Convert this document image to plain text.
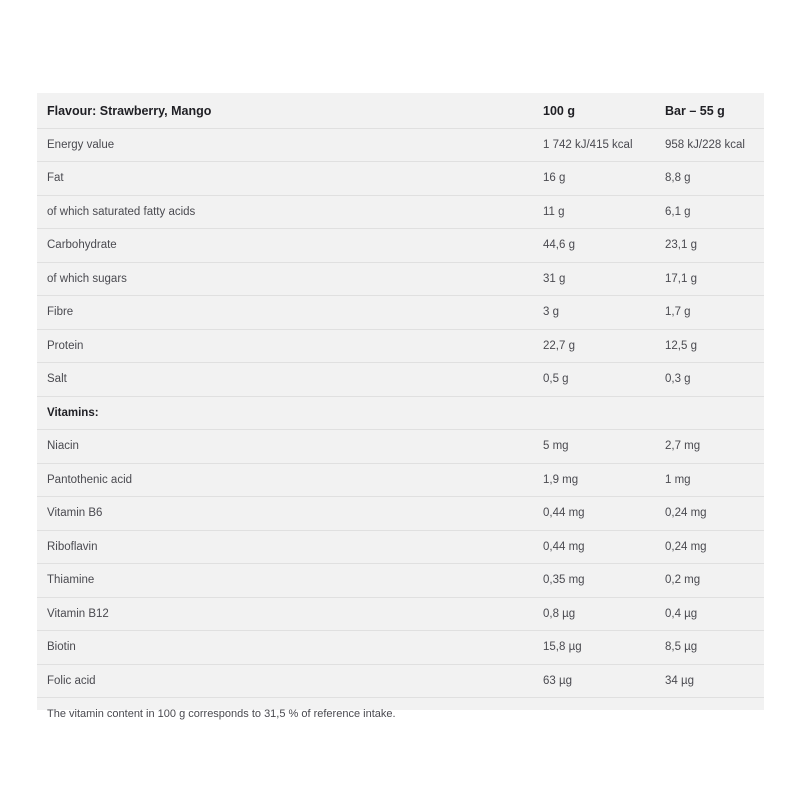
Flavour: Strawberry, Mango	100 g	Bar – 55 g
Energy value	1 742 kJ/415 kcal	958 kJ/228 kcal
Fat	16 g	8,8 g
of which saturated fatty acids	11 g	6,1 g
Carbohydrate	44,6 g	23,1 g
of which sugars	31 g	17,1 g
Fibre	3 g	1,7 g
Protein	22,7 g	12,5 g
Salt	0,5 g	0,3 g
Vitamins:		
Niacin	5 mg	2,7 mg
Pantothenic acid	1,9 mg	1 mg
Vitamin B6	0,44 mg	0,24 mg
Riboflavin	0,44 mg	0,24 mg
Thiamine	0,35 mg	0,2 mg
Vitamin B12	0,8 µg	0,4 µg
Biotin	15,8 µg	8,5 µg
Folic acid	63 µg	34 µg
The vitamin content in 100 g corresponds to 31,5 % of reference intake.		
